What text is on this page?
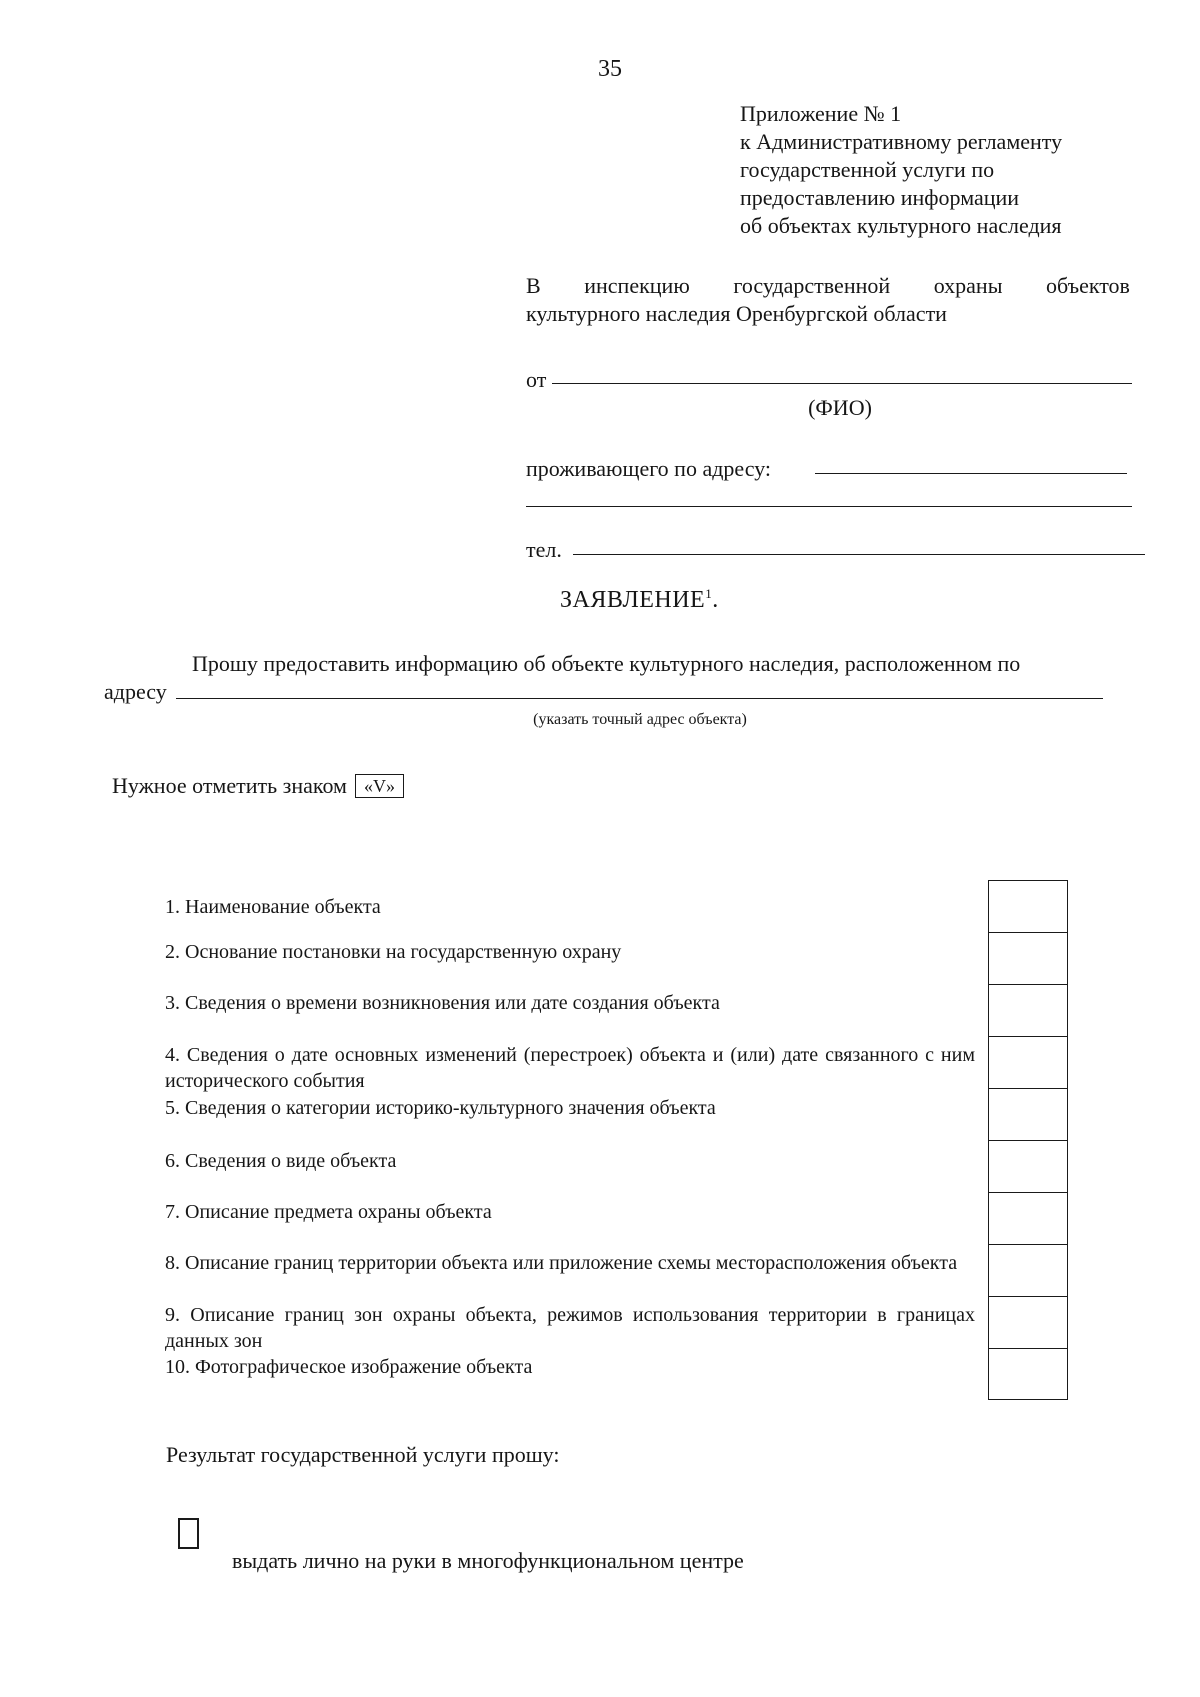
35
Приложение № 1
к Административному регламенту
государственной услуги по
предоставлению информации
об объектах культурного наследия
В инспекцию государственной охраны объектов
культурного наследия Оренбургской области
от
(ФИО)
проживающего по адресу:
тел.
ЗАЯВЛЕНИЕ$^1$.
Прошу предоставить информацию об объекте культурного наследия, расположенном по
адресу
(указать точный адрес объекта)
Нужное отметить знаком «V»
1. Наименование объекта
2. Основание постановки на государственную охрану
3. Сведения о времени возникновения или дате создания объекта
4. Сведения о дате основных изменений (перестроек) объекта и (или) дате связанного с ним исторического события
5. Сведения о категории историко-культурного значения объекта
6. Сведения о виде объекта
7. Описание предмета охраны объекта
8. Описание границ территории объекта или приложение схемы месторасположения объекта
9. Описание границ зон охраны объекта, режимов использования территории в границах данных зон
10. Фотографическое изображение объекта
Результат государственной услуги прошу:
выдать лично на руки в многофункциональном центре
